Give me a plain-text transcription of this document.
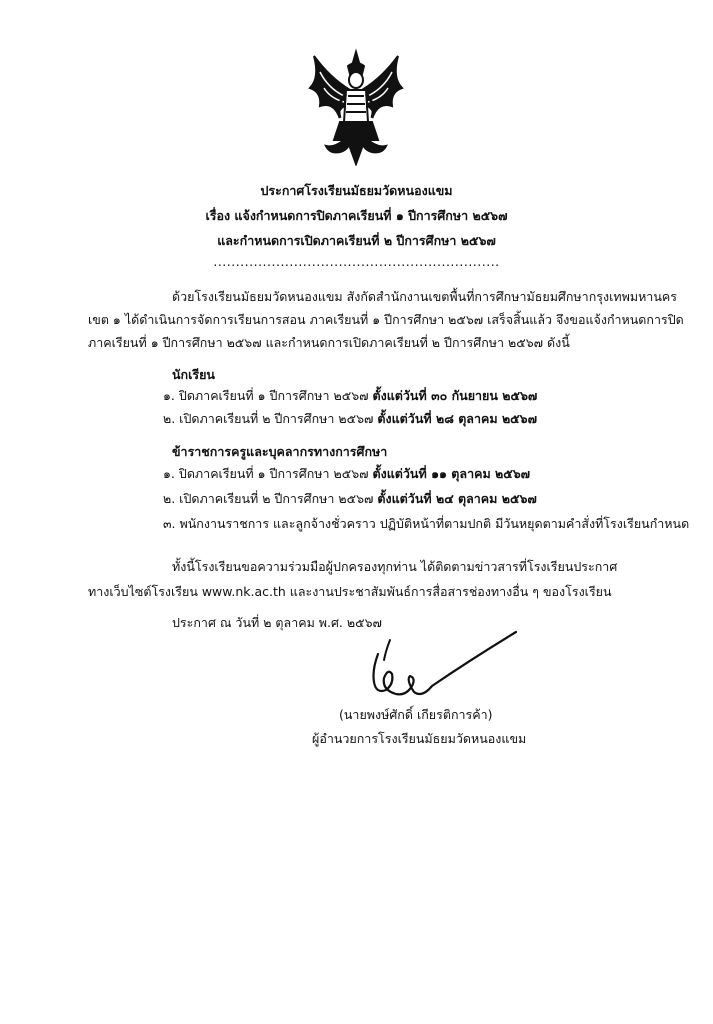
ประกาศโรงเรียนมัธยมวัดหนองแขม
เรื่อง แจ้งกำหนดการปิดภาคเรียนที่ ๑ ปีการศึกษา ๒๕๖๗
และกำหนดการเปิดภาคเรียนที่ ๒ ปีการศึกษา ๒๕๖๗
................................................................
ด้วยโรงเรียนมัธยมวัดหนองแขม สังกัดสำนักงานเขตพื้นที่การศึกษามัธยมศึกษากรุงเทพมหานคร
เขต ๑ ได้ดำเนินการจัดการเรียนการสอน ภาคเรียนที่ ๑ ปีการศึกษา ๒๕๖๗ เสร็จสิ้นแล้ว จึงขอแจ้งกำหนดการปิด
ภาคเรียนที่ ๑ ปีการศึกษา ๒๕๖๗ และกำหนดการเปิดภาคเรียนที่ ๒ ปีการศึกษา ๒๕๖๗ ดังนี้
นักเรียน
๑. ปิดภาคเรียนที่ ๑ ปีการศึกษา ๒๕๖๗ ตั้งแต่วันที่ ๓๐ กันยายน ๒๕๖๗
๒. เปิดภาคเรียนที่ ๒ ปีการศึกษา ๒๕๖๗ ตั้งแต่วันที่ ๒๘ ตุลาคม ๒๕๖๗
ข้าราชการครูและบุคลากรทางการศึกษา
๑. ปิดภาคเรียนที่ ๑ ปีการศึกษา ๒๕๖๗ ตั้งแต่วันที่ ๑๑ ตุลาคม ๒๕๖๗
๒. เปิดภาคเรียนที่ ๒ ปีการศึกษา ๒๕๖๗ ตั้งแต่วันที่ ๒๔ ตุลาคม ๒๕๖๗
๓. พนักงานราชการ และลูกจ้างชั่วคราว ปฏิบัติหน้าที่ตามปกติ มีวันหยุดตามคำสั่งที่โรงเรียนกำหนด
ทั้งนี้โรงเรียนขอความร่วมมือผู้ปกครองทุกท่าน ได้ติดตามข่าวสารที่โรงเรียนประกาศ
ทางเว็บไซต์โรงเรียน www.nk.ac.th และงานประชาสัมพันธ์การสื่อสารช่องทางอื่น ๆ ของโรงเรียน
ประกาศ ณ วันที่ ๒ ตุลาคม พ.ศ. ๒๕๖๗
(นายพงษ์ศักดิ์ เกียรติการค้า)
ผู้อำนวยการโรงเรียนมัธยมวัดหนองแขม
